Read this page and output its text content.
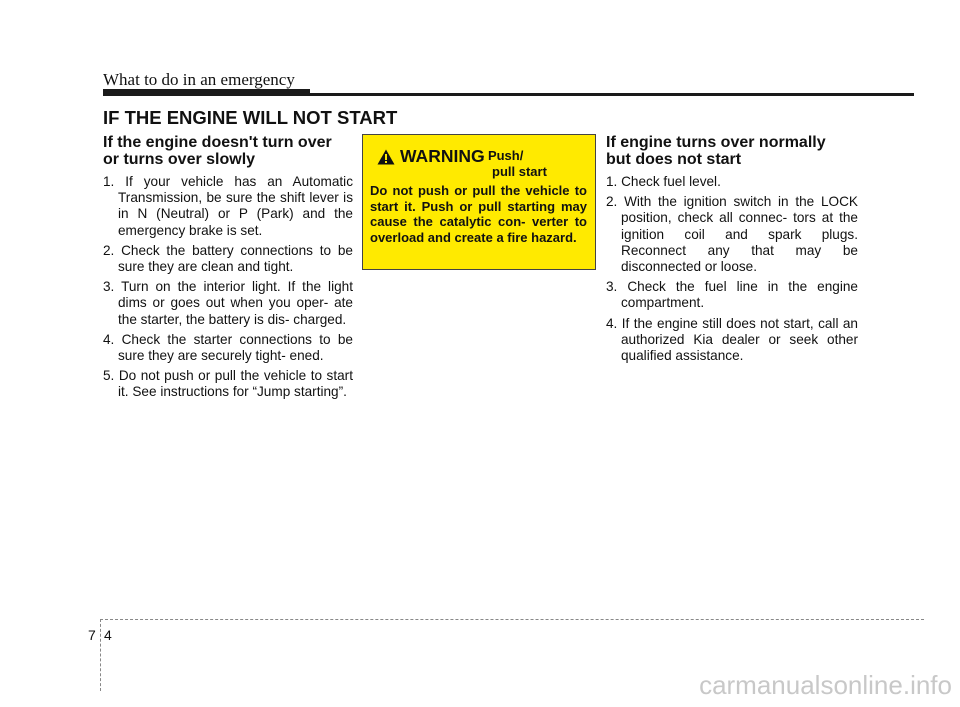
What to do in an emergency
IF THE ENGINE WILL NOT START
If the engine doesn't turn over
or turns over slowly
1. If your vehicle has an Automatic Transmission, be sure the shift lever is in N (Neutral) or P (Park) and the emergency brake is set.
2. Check the battery connections to be sure they are clean and tight.
3. Turn on the interior light. If the light dims or goes out when you oper- ate the starter, the battery is dis- charged.
4. Check the starter connections to be sure they are securely tight- ened.
5. Do not push or pull the vehicle to start it. See instructions for “Jump starting”.
WARNING
- Push/
pull start

Do not push or pull the vehicle to start it. Push or pull starting may cause the catalytic con- verter to overload and create a fire hazard.

If engine turns over normally
but does not start
1. Check fuel level.
2. With the ignition switch in the LOCK position, check all connec- tors at the ignition coil and spark plugs. Reconnect any that may be disconnected or loose.
3. Check the fuel line in the engine compartment.
4. If the engine still does not start, call an authorized Kia dealer or seek other qualified assistance.
7 4
carmanualsonline.info
